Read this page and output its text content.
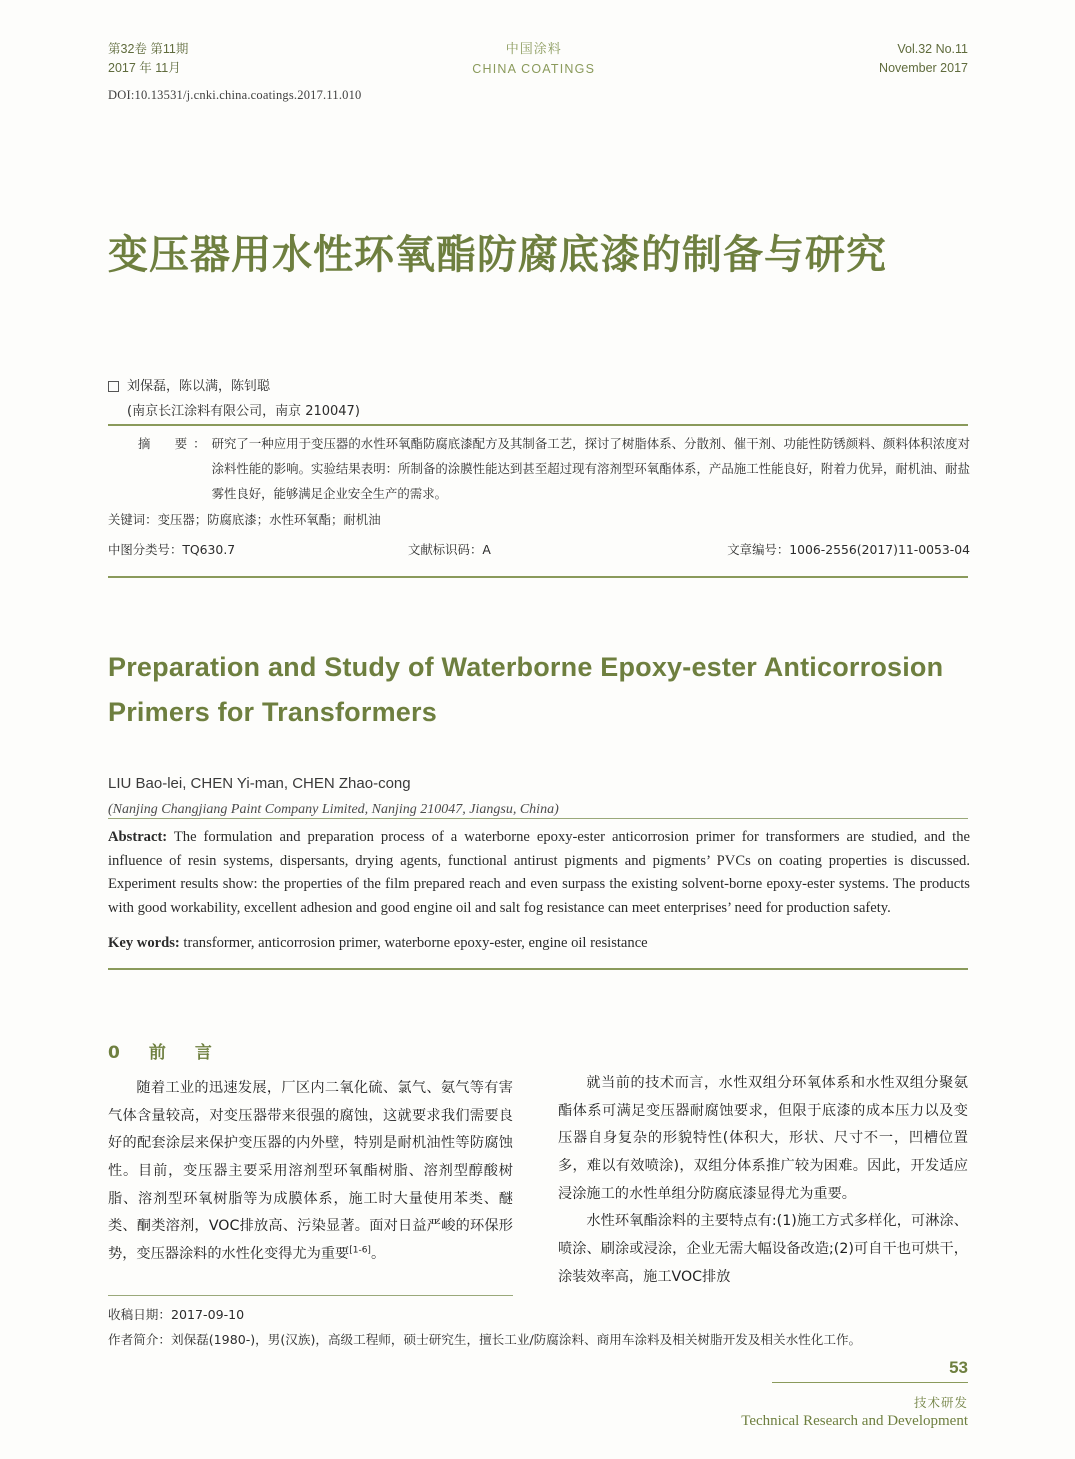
第32卷 第11期
2017 年 11月
中国涂料
CHINA COATINGS
Vol.32 No.11
November 2017
DOI:10.13531/j.cnki.china.coatings.2017.11.010
变压器用水性环氧酯防腐底漆的制备与研究
刘保磊，陈以满，陈钊聪
(南京长江涂料有限公司，南京 210047)
摘　要： 研究了一种应用于变压器的水性环氧酯防腐底漆配方及其制备工艺，探讨了树脂体系、分散剂、催干剂、功能性防锈颜料、颜料体积浓度对涂料性能的影响。实验结果表明：所制备的涂膜性能达到甚至超过现有溶剂型环氧酯体系，产品施工性能良好，附着力优异，耐机油、耐盐雾性良好，能够满足企业安全生产的需求。
关键词：变压器；防腐底漆；水性环氧酯；耐机油
中图分类号：TQ630.7	文献标识码：A	文章编号：1006-2556(2017)11-0053-04
Preparation and Study of Waterborne Epoxy-ester Anticorrosion Primers for Transformers
LIU Bao-lei, CHEN Yi-man, CHEN Zhao-cong
(Nanjing Changjiang Paint Company Limited, Nanjing 210047, Jiangsu, China)
Abstract: The formulation and preparation process of a waterborne epoxy-ester anticorrosion primer for transformers are studied, and the influence of resin systems, dispersants, drying agents, functional antirust pigments and pigments’ PVCs on coating properties is discussed. Experiment results show: the properties of the film prepared reach and even surpass the existing solvent-borne epoxy-ester systems. The products with good workability, excellent adhesion and good engine oil and salt fog resistance can meet enterprises’ need for production safety.
Key words: transformer, anticorrosion primer, waterborne epoxy-ester, engine oil resistance
0　前　言

随着工业的迅速发展，厂区内二氧化硫、氯气、氨气等有害气体含量较高，对变压器带来很强的腐蚀，这就要求我们需要良好的配套涂层来保护变压器的内外壁，特别是耐机油性等防腐蚀性。目前，变压器主要采用溶剂型环氧酯树脂、溶剂型醇酸树脂、溶剂型环氧树脂等为成膜体系，施工时大量使用苯类、醚类、酮类溶剂，VOC排放高、污染显著。面对日益严峻的环保形势，变压器涂料的水性化变得尤为重要[1-6]。

就当前的技术而言，水性双组分环氧体系和水性双组分聚氨酯体系可满足变压器耐腐蚀要求，但限于底漆的成本压力以及变压器自身复杂的形貌特性(体积大，形状、尺寸不一，凹槽位置多，难以有效喷涂)，双组分体系推广较为困难。因此，开发适应浸涂施工的水性单组分防腐底漆显得尤为重要。

水性环氧酯涂料的主要特点有:(1)施工方式多样化，可淋涂、喷涂、刷涂或浸涂，企业无需大幅设备改造;(2)可自干也可烘干，涂装效率高，施工VOC排放

收稿日期：2017-09-10
作者简介：刘保磊(1980-)，男(汉族)，高级工程师，硕士研究生，擅长工业/防腐涂料、商用车涂料及相关树脂开发及相关水性化工作。
53
技术研发
Technical Research and Development
